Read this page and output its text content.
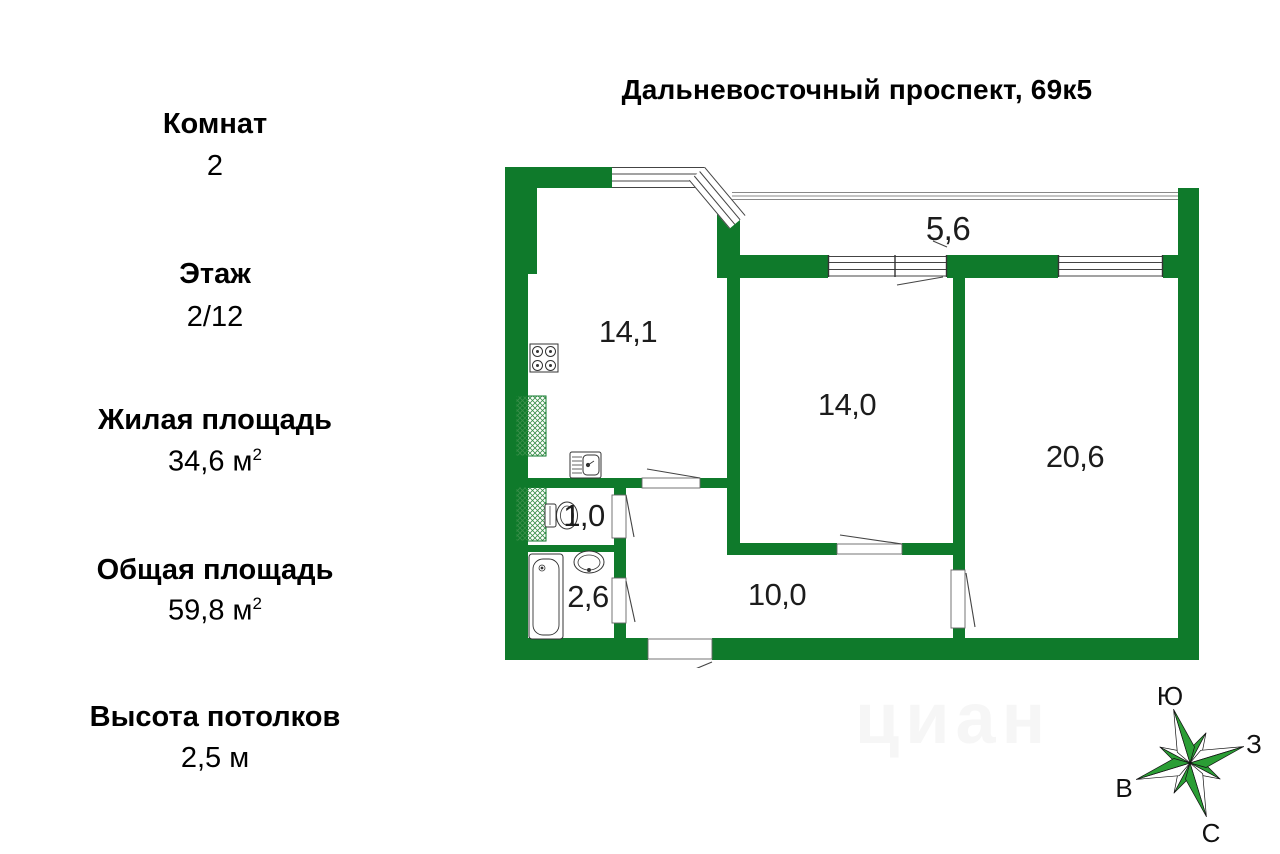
циан
Дальневосточный проспект, 69к5
Комнат
2
Этаж
2/12
Жилая площадь
34,6 $м^2$
Общая площадь
59,8 $м^2$
Высота потолков
2,5 м
14,1
14,0
20,6
5,6
1,0
2,6	10,0
Ю
З
В
С
